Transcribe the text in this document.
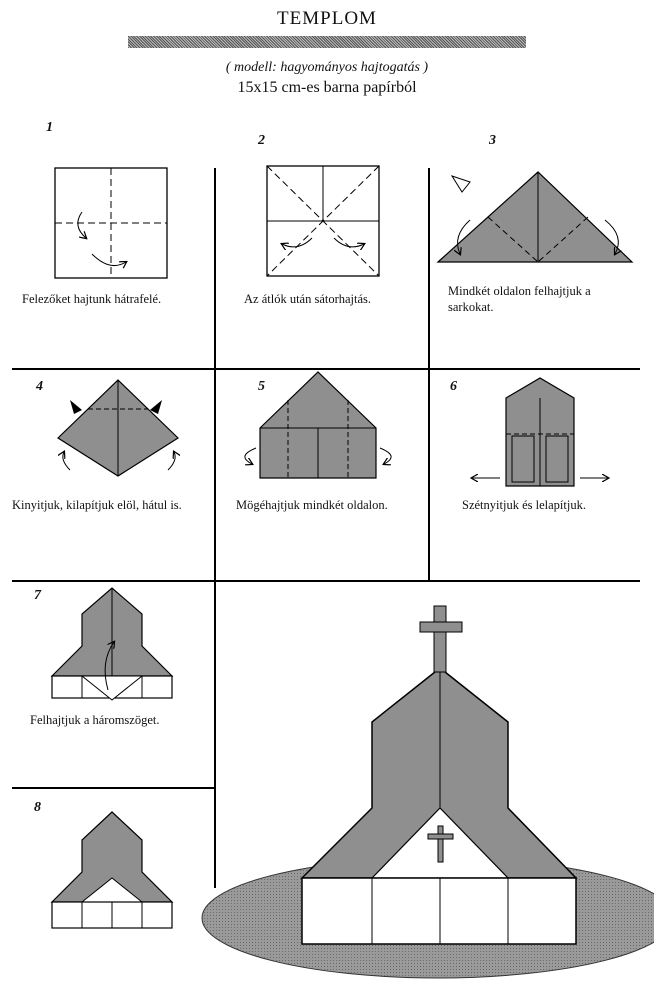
TEMPLOM
( modell: hagyományos hajtogatás )
15x15 cm-es barna papírból
1
2	3
4	5	6
7
8
Felezőket hajtunk hátrafelé.	Az átlók után sátorhajtás.
Mindkét oldalon felhajtjuk a sarkokat.
Kinyitjuk, kilapítjuk elöl, hátul is.	Mögéhajtjuk mindkét oldalon.	Szétnyitjuk és lelapítjuk.
Felhajtjuk a háromszöget.
